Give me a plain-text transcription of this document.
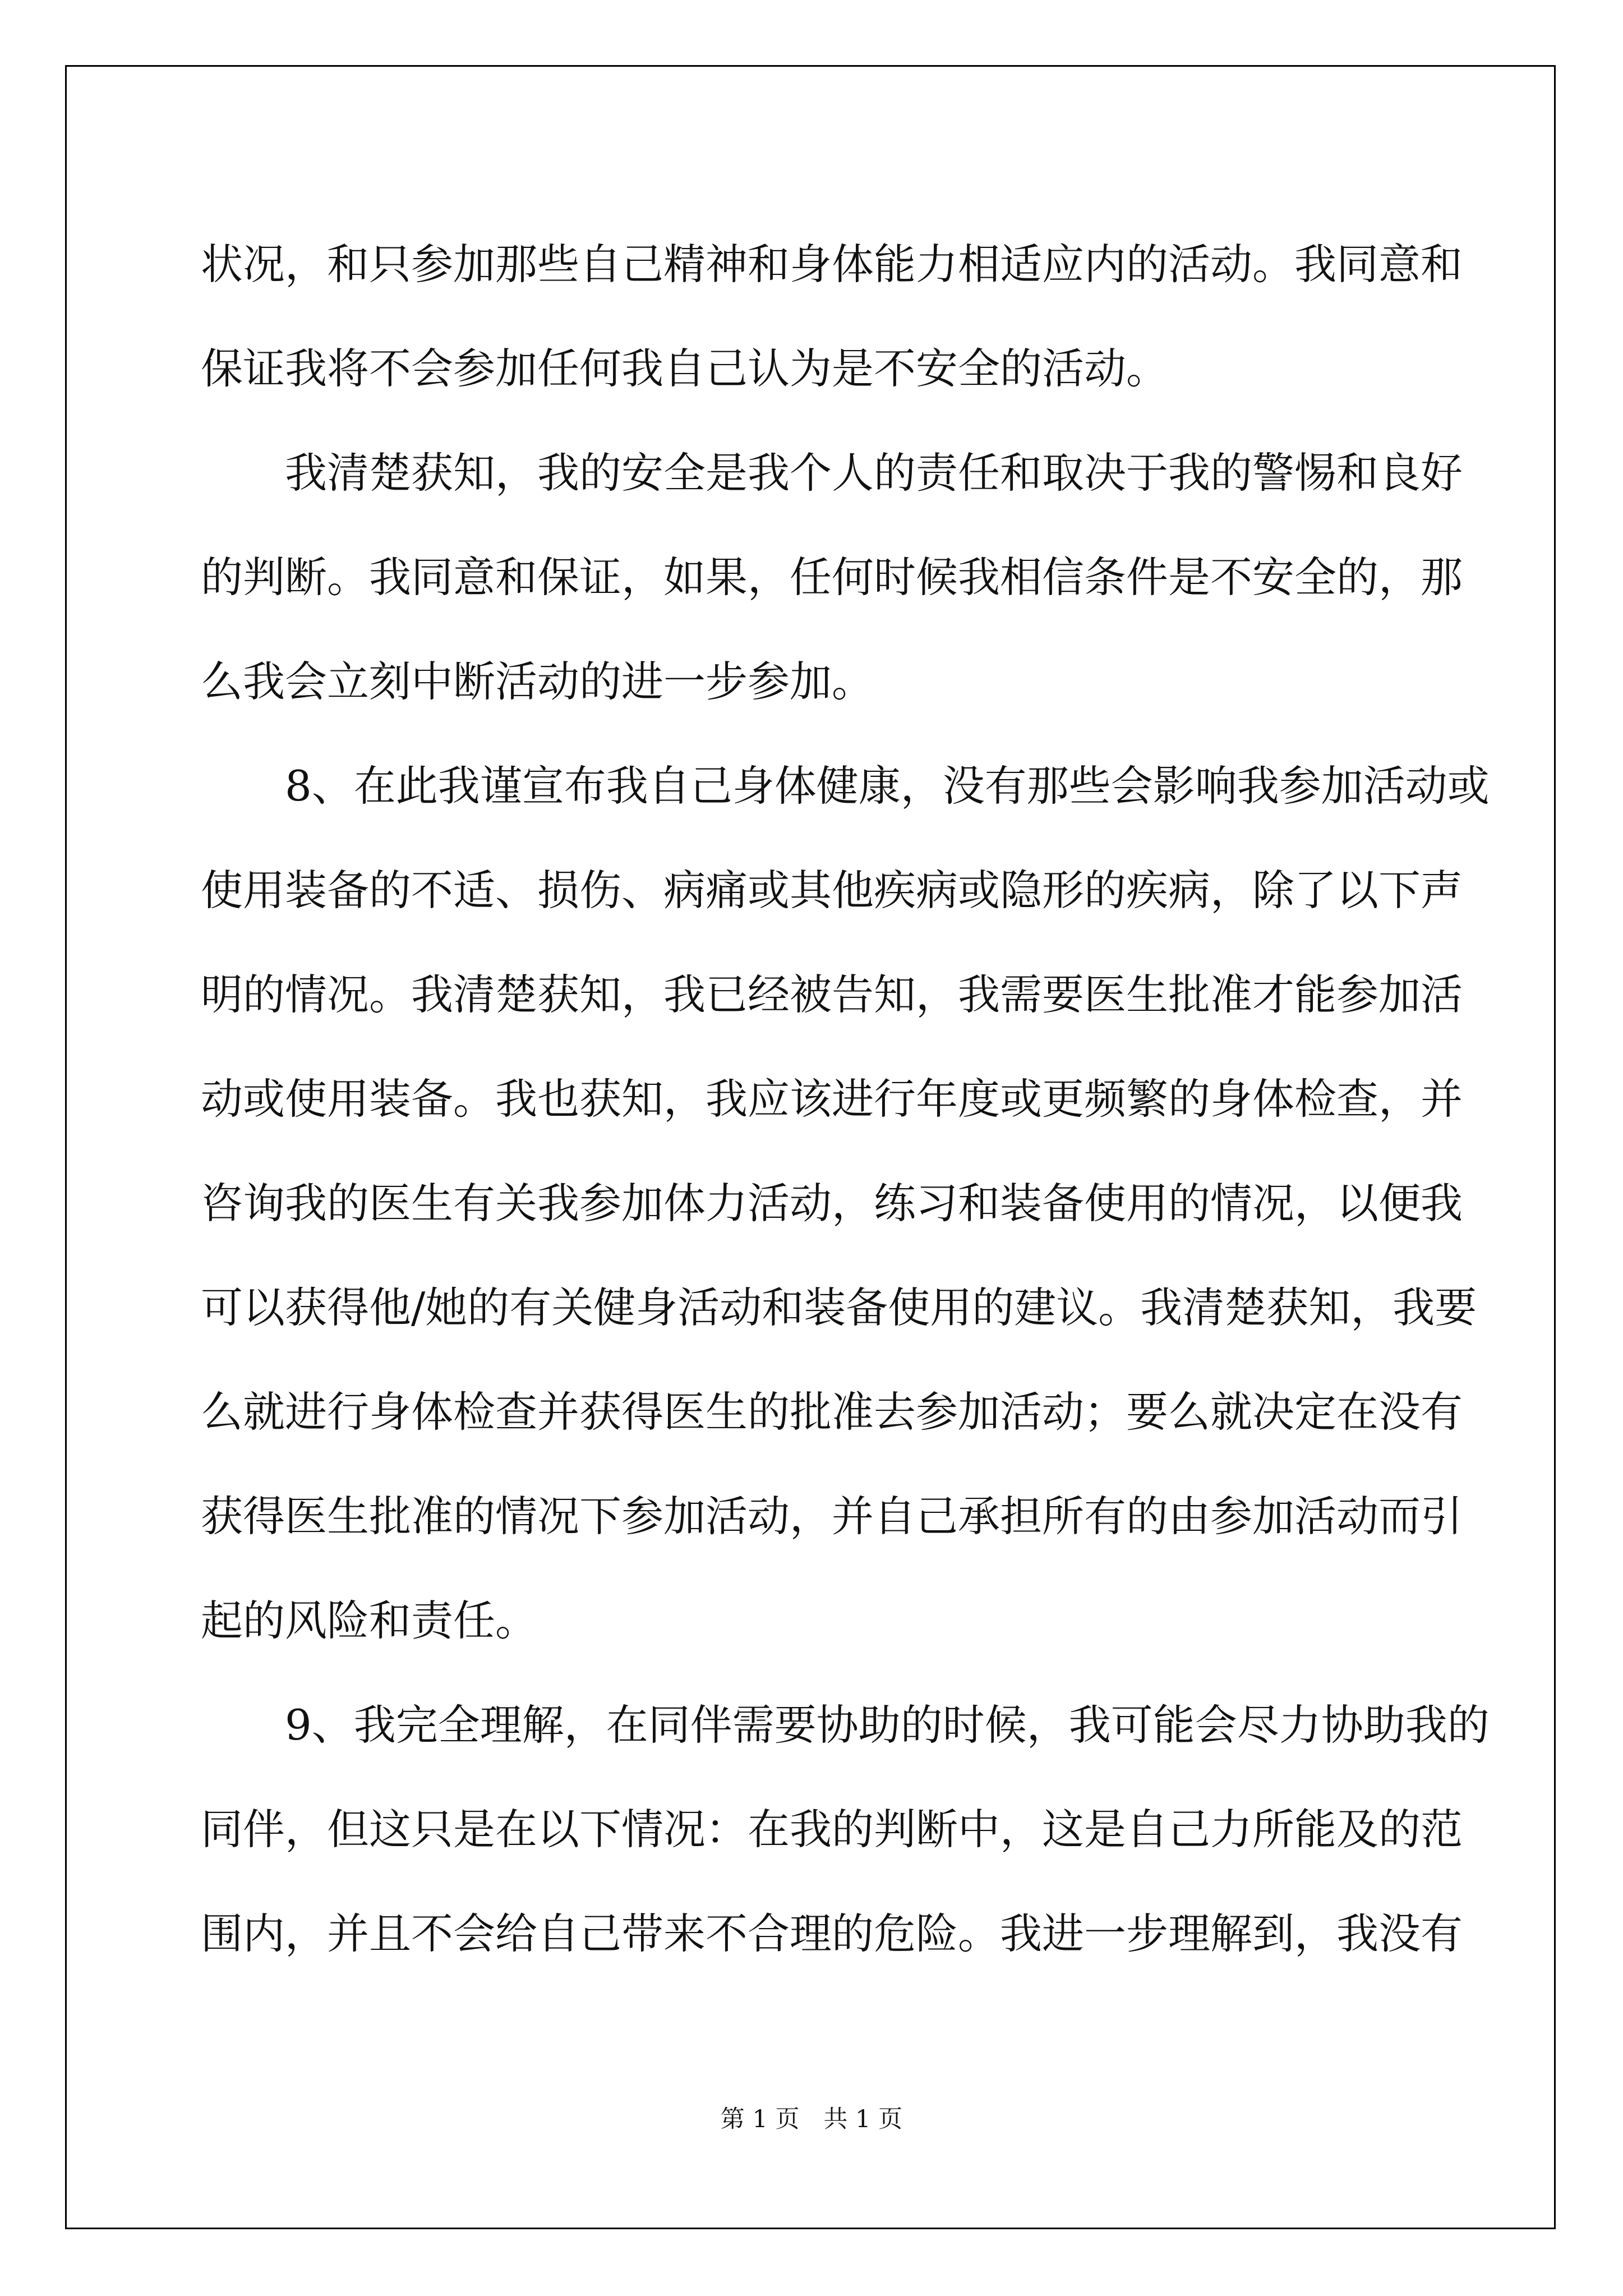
状况，和只参加那些自己精神和身体能力相适应内的活动。我同意和
保证我将不会参加任何我自己认为是不安全的活动。
　　我清楚获知，我的安全是我个人的责任和取决于我的警惕和良好
的判断。我同意和保证，如果，任何时候我相信条件是不安全的，那
么我会立刻中断活动的进一步参加。
　　8、在此我谨宣布我自己身体健康，没有那些会影响我参加活动或
使用装备的不适、损伤、病痛或其他疾病或隐形的疾病，除了以下声
明的情况。我清楚获知，我已经被告知，我需要医生批准才能参加活
动或使用装备。我也获知，我应该进行年度或更频繁的身体检查，并
咨询我的医生有关我参加体力活动，练习和装备使用的情况，以便我
可以获得他/她的有关健身活动和装备使用的建议。我清楚获知，我要
么就进行身体检查并获得医生的批准去参加活动；要么就决定在没有
获得医生批准的情况下参加活动，并自己承担所有的由参加活动而引
起的风险和责任。
　　9、我完全理解，在同伴需要协助的时候，我可能会尽力协助我的
同伴，但这只是在以下情况：在我的判断中，这是自己力所能及的范
围内，并且不会给自己带来不合理的危险。我进一步理解到，我没有
第 1 页　共 1 页
